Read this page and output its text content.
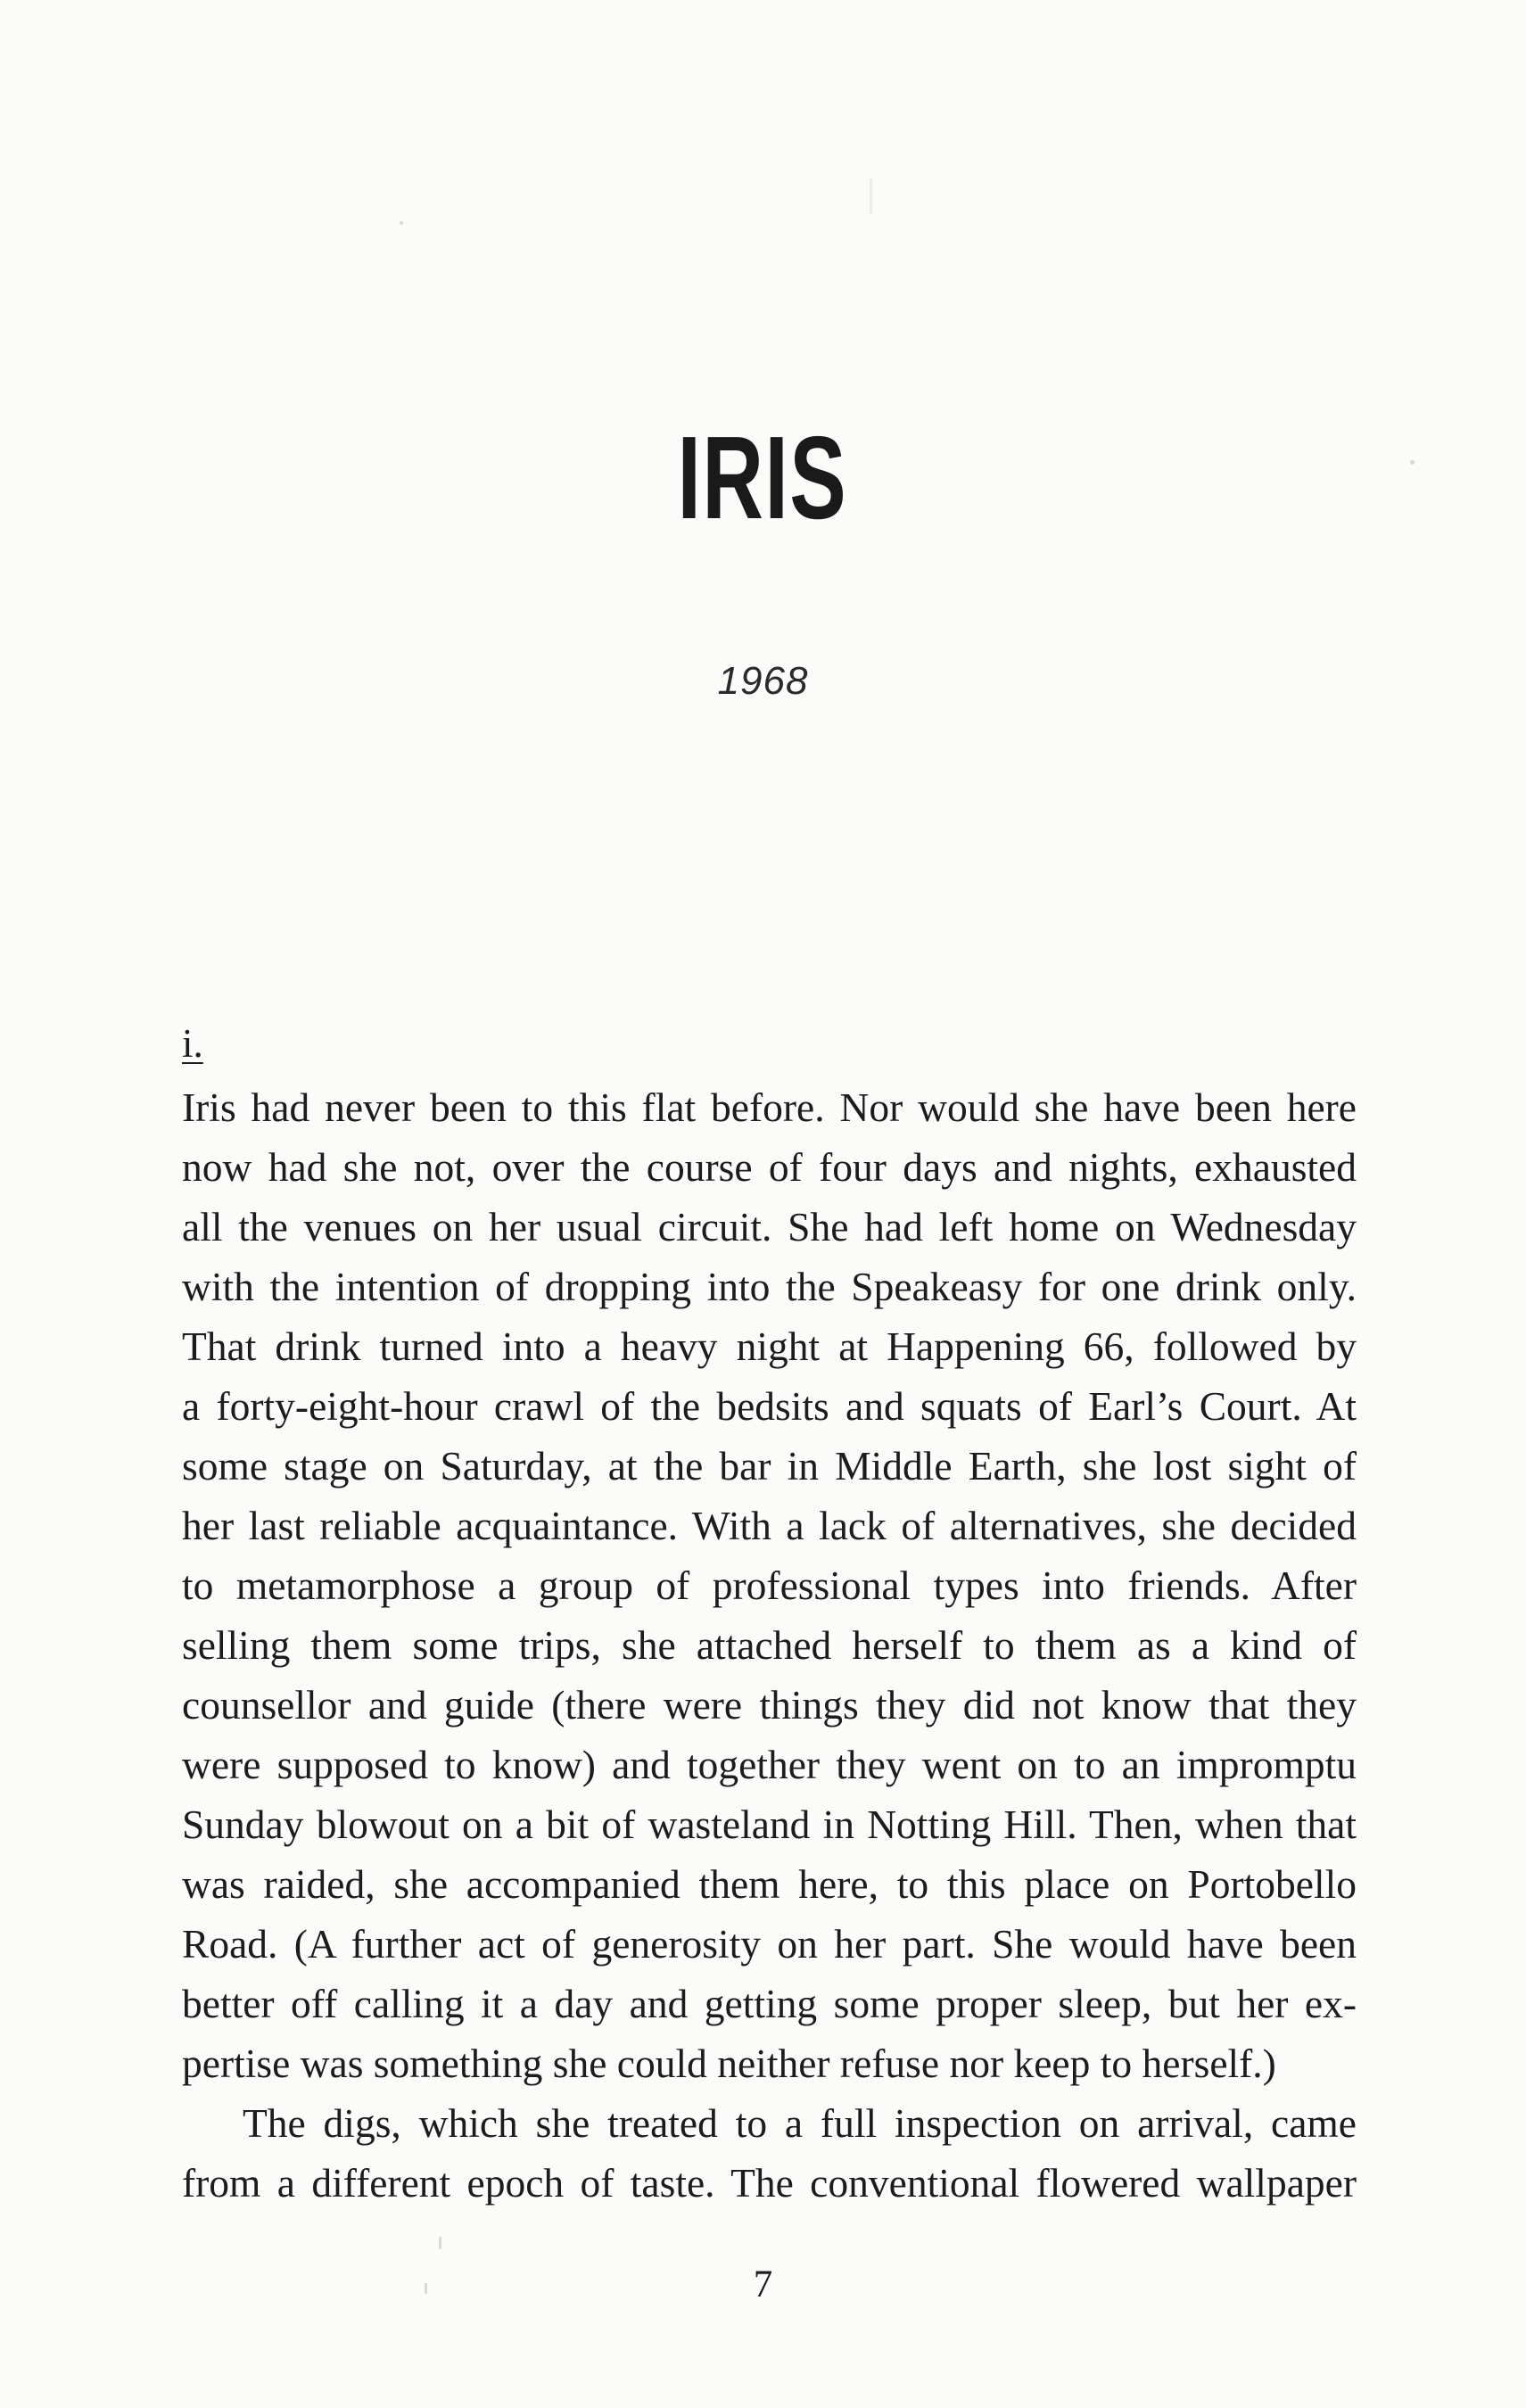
IRIS
1968
i.
Iris had never been to this flat before. Nor would she have been here
now had she not, over the course of four days and nights, exhausted
all the venues on her usual circuit. She had left home on Wednesday
with the intention of dropping into the Speakeasy for one drink only.
That drink turned into a heavy night at Happening 66, followed by
a forty-eight-hour crawl of the bedsits and squats of Earl’s Court. At
some stage on Saturday, at the bar in Middle Earth, she lost sight of
her last reliable acquaintance. With a lack of alternatives, she decided
to metamorphose a group of professional types into friends. After
selling them some trips, she attached herself to them as a kind of
counsellor and guide (there were things they did not know that they
were supposed to know) and together they went on to an impromptu
Sunday blowout on a bit of wasteland in Notting Hill. Then, when that
was raided, she accompanied them here, to this place on Portobello
Road. (A further act of generosity on her part. She would have been
better off calling it a day and getting some proper sleep, but her ex-
pertise was something she could neither refuse nor keep to herself.)
The digs, which she treated to a full inspection on arrival, came
from a different epoch of taste. The conventional flowered wallpaper
7
